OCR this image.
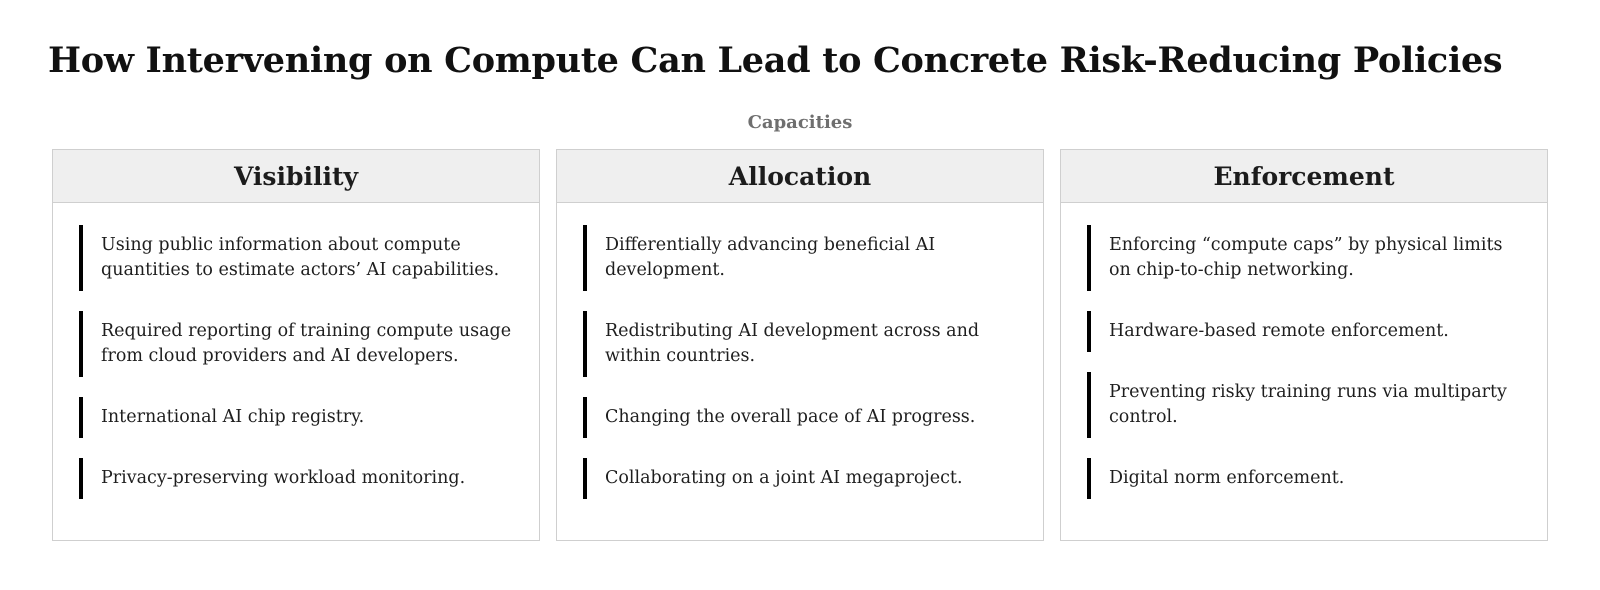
How Intervening on Compute Can Lead to Concrete Risk-Reducing Policies
Capacities
Visibility
Using public information about compute quantities to estimate actors’ AI capabilities.
Required reporting of training compute usage from cloud providers and AI developers.
International AI chip registry.
Privacy-preserving workload monitoring.
Allocation
Differentially advancing beneficial AI development.
Redistributing AI development across and within countries.
Changing the overall pace of AI progress.
Collaborating on a joint AI megaproject.
Enforcement
Enforcing “compute caps” by physical limits on chip-to-chip networking.
Hardware-based remote enforcement.
Preventing risky training runs via multiparty control.
Digital norm enforcement.
